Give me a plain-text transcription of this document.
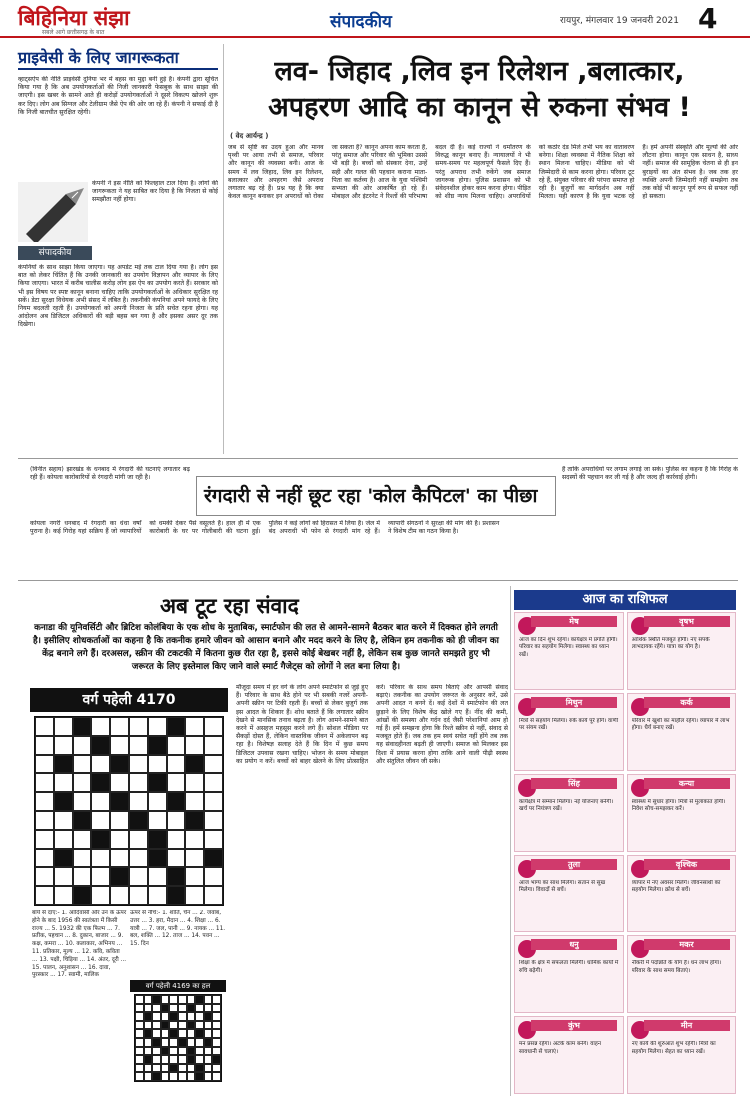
बिहिनिया संझा
सबले आगे छत्तीसगढ़ के बात
संपादकीय	रायपुर, मंगलवार 19 जनवरी 2021 4
प्राइवेसी के लिए जागरूकता
व्हाट्सऐप की नीति प्राइवेसी दुनिया भर में बहस का मुद्दा बनी हुई है। कंपनी द्वारा सूचित किया गया है कि अब उपयोगकर्ताओं की निजी जानकारी फेसबुक के साथ साझा की जाएगी। इस खबर के सामने आते ही करोड़ों उपयोगकर्ताओं ने दूसरे विकल्प खोजने शुरू कर दिए। लोग अब सिग्नल और टेलीग्राम जैसे ऐप की ओर जा रहे हैं। कंपनी ने सफाई दी है कि निजी बातचीत सुरक्षित रहेगी।
कंपनी ने इस नीति को फिलहाल टाल दिया है। लोगों की जागरूकता ने यह साबित कर दिया है कि निजता से कोई समझौता नहीं होगा।
संपादकीय
कंपनियों के साथ साझा किया जाएगा। यह अपडेट मई तक टाल दिया गया है। लोग इस बात को लेकर चिंतित हैं कि उनकी जानकारी का उपयोग विज्ञापन और व्यापार के लिए किया जाएगा। भारत में करीब चालीस करोड़ लोग इस ऐप का उपयोग करते हैं। सरकार को भी इस विषय पर स्पष्ट कानून बनाना चाहिए ताकि उपयोगकर्ताओं के अधिकार सुरक्षित रह सकें। डेटा सुरक्षा विधेयक अभी संसद में लंबित है। तकनीकी कंपनियां अपने फायदे के लिए नियम बदलती रहती हैं। उपयोगकर्ता को अपनी निजता के प्रति सचेत रहना होगा। यह आंदोलन अब डिजिटल अधिकारों की बड़ी बहस बन गया है और इसका असर दूर तक दिखेगा।
लव- जिहाद ,लिव इन रिलेशन ,बलात्कार,
अपहरण आदि का कानून से रुकना संभव !
( वेद आर्यन्द्र )
जब से सृष्टि का उदय हुआ और मानव पृथ्वी पर आया तभी से समाज, परिवार और कानून की व्यवस्था बनी। आज के समय में लव जिहाद, लिव इन रिलेशन, बलात्कार और अपहरण जैसे अपराध लगातार बढ़ रहे हैं। प्रश्न यह है कि क्या केवल कानून बनाकर इन अपराधों को रोका जा सकता है? कानून अपना काम करता है, परंतु समाज और परिवार की भूमिका उससे भी बड़ी है। बच्चों को संस्कार देना, उन्हें सही और गलत की पहचान कराना माता-पिता का कर्तव्य है। आज के युवा पश्चिमी सभ्यता की ओर आकर्षित हो रहे हैं। मोबाइल और इंटरनेट ने रिश्तों की परिभाषा बदल दी है। कई राज्यों ने धर्मांतरण के विरुद्ध कानून बनाए हैं। न्यायालयों ने भी समय-समय पर महत्वपूर्ण फैसले दिए हैं। परंतु अपराध तभी रुकेंगे जब समाज जागरूक होगा। पुलिस प्रशासन को भी संवेदनशील होकर काम करना होगा। पीड़ित को शीघ्र न्याय मिलना चाहिए। अपराधियों को कठोर दंड मिले तभी भय का वातावरण बनेगा। शिक्षा व्यवस्था में नैतिक शिक्षा को स्थान मिलना चाहिए। मीडिया को भी जिम्मेदारी से काम करना होगा। परिवार टूट रहे हैं, संयुक्त परिवार की परंपरा समाप्त हो रही है। बुजुर्गों का मार्गदर्शन अब नहीं मिलता। यही कारण है कि युवा भटक रहे हैं। हमें अपनी संस्कृति और मूल्यों की ओर लौटना होगा। कानून एक साधन है, साध्य नहीं। समाज की सामूहिक चेतना से ही इन बुराइयों का अंत संभव है। जब तक हर व्यक्ति अपनी जिम्मेदारी नहीं समझेगा तब तक कोई भी कानून पूर्ण रूप से सफल नहीं हो सकता।
(विनीत सहाय) झारखंड के धनबाद में रंगदारी की घटनाएं लगातार बढ़ रही हैं। कोयला कारोबारियों से रंगदारी मांगी जा रही है।
रंगदारी से नहीं छूट रहा 'कोल कैपिटल' का पीछा
हैं ताकि अपराधियों पर लगाम लगाई जा सके। पुलिस का कहना है कि गिरोह के सदस्यों की पहचान कर ली गई है और जल्द ही कार्रवाई होगी।
कोयला नगरी धनबाद में रंगदारी का धंधा वर्षों पुराना है। कई गिरोह यहां सक्रिय हैं जो व्यापारियों को धमकी देकर पैसे वसूलते हैं। हाल ही में एक कारोबारी के घर पर गोलीबारी की घटना हुई। पुलिस ने कई लोगों को हिरासत में लिया है। जेल में बंद अपराधी भी फोन से रंगदारी मांग रहे हैं। व्यापारी संगठनों ने सुरक्षा की मांग की है। प्रशासन ने विशेष टीम का गठन किया है।
अब टूट रहा संवाद
कनाडा की यूनिवर्सिटी और ब्रिटिश कोलंबिया के एक शोध के मुताबिक, स्मार्टफोन की लत से आमने-सामने बैठकर बात करने में दिक्कत होने लगती है। इसीलिए शोधकर्ताओं का कहना है कि तकनीक हमारे जीवन को आसान बनाने और मदद करने के लिए है, लेकिन हम तकनीक को ही जीवन का केंद्र बनाने लगे हैं। दरअसल, स्क्रीन की टकटकी में कितना कुछ रीत रहा है, इससे कोई बेखबर नहीं है, लेकिन सब कुछ जानते समझते हुए भी जरूरत के लिए इस्तेमाल किए जाने वाले स्मार्ट गैजेट्स को लोगों ने लत बना लिया है।
मौजूदा समय में हर वर्ग के लोग अपने स्मार्टफोन से जुड़े हुए हैं। परिवार के साथ बैठे होने पर भी सबकी नजरें अपनी-अपनी स्क्रीन पर टिकी रहती हैं। बच्चों से लेकर बुजुर्ग तक इस आदत के शिकार हैं। शोध बताते हैं कि लगातार स्क्रीन देखने से मानसिक तनाव बढ़ता है। लोग आमने-सामने बात करने में असहज महसूस करने लगे हैं। सोशल मीडिया पर सैकड़ों दोस्त हैं, लेकिन वास्तविक जीवन में अकेलापन बढ़ रहा है। विशेषज्ञ सलाह देते हैं कि दिन में कुछ समय डिजिटल उपवास रखना चाहिए। भोजन के समय मोबाइल का प्रयोग न करें। बच्चों को बाहर खेलने के लिए प्रोत्साहित करें। परिवार के साथ समय बिताएं और आपसी संवाद बढ़ाएं। तकनीक का उपयोग जरूरत के अनुसार करें, उसे अपनी आदत न बनने दें। कई देशों में स्मार्टफोन की लत छुड़ाने के लिए विशेष केंद्र खोले गए हैं। नींद की कमी, आंखों की समस्या और गर्दन दर्द जैसी परेशानियां आम हो गई हैं। हमें समझना होगा कि रिश्ते स्क्रीन से नहीं, संवाद से मजबूत होते हैं। जब तक हम स्वयं सचेत नहीं होंगे तब तक यह संवादहीनता बढ़ती ही जाएगी। समाज को मिलकर इस दिशा में प्रयास करना होगा ताकि आने वाली पीढ़ी स्वस्थ और संतुलित जीवन जी सके।
वर्ग पहेली 4170
बांये से दाएं:- 1. आदिवासी और उन के ऊपर होने के बाद 1956 की स्वतंत्रता में किसी राज्य ... 5. 1932 की एक फिल्म ... 7. प्रतीक, पहचान ... 8. दुकान, बाजार ... 9. कक्ष, कमरा ... 10. कलाकार, अभिनय ... 11. प्रतिकार, मूल्य ... 12. कवि, कविता ... 13. पक्षी, चिड़िया ... 14. अंतर, दूरी ... 15. पालन, अनुशासन ... 16. दावा, पुरस्कार ... 17. स्वामी, मालिक
ऊपर से नीचे:- 1. शांति, चैन ... 2. जवाब, उत्तर ... 3. हरा, मैदान ... 4. शिक्षा ... 6. यात्री ... 7. जल, पानी ... 9. नायक ... 11. बल, शक्ति ... 12. ताज ... 14. पवन ... 15. दिन
वर्ग पहेली 4169 का हल
आज का राशिफल
मेष
आज का दिन शुभ रहेगा। कार्यक्षेत्र में प्रगति होगी। परिवार का सहयोग मिलेगा। स्वास्थ्य का ध्यान रखें।
वृषभ
आर्थिक स्थिति मजबूत होगी। नए संपर्क लाभदायक रहेंगे। यात्रा का योग है।
मिथुन
मित्रों से सहयोग मिलेगा। रुके कार्य पूरे होंगे। वाणी पर संयम रखें।
कर्क
परिवार में खुशी का माहौल रहेगा। व्यापार में लाभ होगा। धैर्य बनाए रखें।
सिंह
कार्यक्षेत्र में सम्मान मिलेगा। नई योजनाएं बनेंगी। खर्च पर नियंत्रण रखें।
कन्या
स्वास्थ्य में सुधार होगा। मित्रों से मुलाकात होगी। निवेश सोच-समझकर करें।
तुला
आज भाग्य का साथ मिलेगा। संतान से सुख मिलेगा। विवादों से बचें।
वृश्चिक
व्यापार में नए अवसर मिलेंगे। जीवनसाथी का सहयोग मिलेगा। क्रोध से बचें।
धनु
शिक्षा के क्षेत्र में सफलता मिलेगी। धार्मिक कार्यों में रुचि बढ़ेगी।
मकर
नौकरी में पदोन्नति के योग हैं। धन लाभ होगा। परिवार के साथ समय बिताएं।
कुंभ
मन प्रसन्न रहेगा। अटके काम बनेंगे। वाहन सावधानी से चलाएं।
मीन
नए कार्य की शुरुआत शुभ रहेगी। मित्रों का सहयोग मिलेगा। सेहत का ध्यान रखें।
